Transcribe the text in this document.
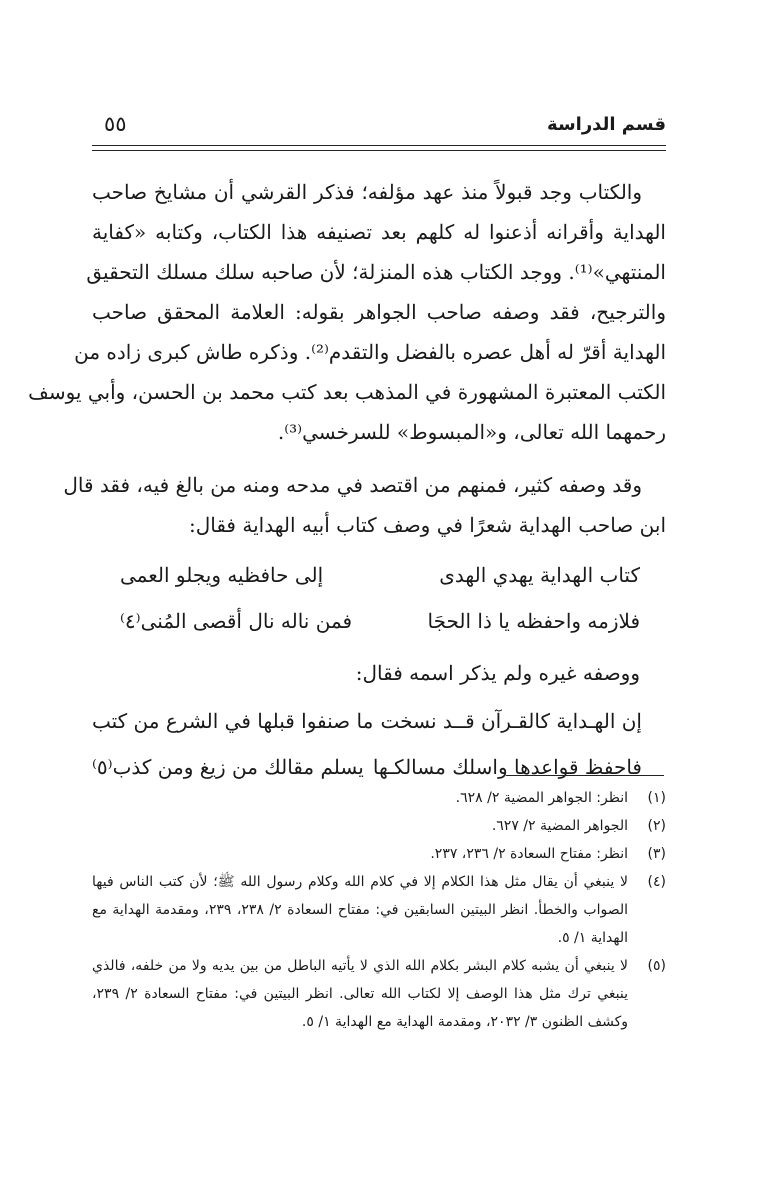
قسم الدراسة
٥٥

والكتاب وجد قبولاً منذ عهد مؤلفه؛ فذكر القرشي أن مشايخ صاحب
الهداية وأقرانه أذعنوا له كلهم بعد تصنيفه هذا الكتاب، وكتابه «كفاية
المنتهي»⁽¹⁾. ووجد الكتاب هذه المنزلة؛ لأن صاحبه سلك مسلك التحقيق
والترجيح، فقد وصفه صاحب الجواهر بقوله: العلامة المحقق صاحب
الهداية أقرّ له أهل عصره بالفضل والتقدم⁽²⁾. وذكره طاش كبرى زاده من
الكتب المعتبرة المشهورة في المذهب بعد كتب محمد بن الحسن، وأبي يوسف
رحمهما الله تعالى، و«المبسوط» للسرخسي⁽³⁾.

وقد وصفه كثير، فمنهم من اقتصد في مدحه ومنه من بالغ فيه، فقد قال
ابن صاحب الهداية شعرًا في وصف كتاب أبيه الهداية فقال:

كتاب الهداية يهدي الهدى
إلى حافظيه ويجلو العمى
فلازمه واحفظه يا ذا الحجَا
فمن ناله نال أقصى المُنى⁽٤⁾
ووصفه غيره ولم يذكر اسمه فقال:
إن الهـداية كالقـرآن قــد نسخت
ما صنفوا قبلها في الشرع من كتب
فاحفظ قواعدها واسلك مسالكـها
يسلم مقالك من زيغ ومن كذب⁽٥⁾
(١)
انظر: الجواهر المضية ٢/ ٦٢٨.
(٢)
الجواهر المضية ٢/ ٦٢٧.
(٣)
انظر: مفتاح السعادة ٢/ ٢٣٦، ٢٣٧.
(٤)
لا ينبغي أن يقال مثل هذا الكلام إلا في كلام الله وكلام رسول الله ﷺ؛ لأن كتب الناس فيها الصواب والخطأ. انظر البيتين السابقين في: مفتاح السعادة ٢/ ٢٣٨، ٢٣٩، ومقدمة الهداية مع الهداية ١/ ٥.
(٥)
لا ينبغي أن يشبه كلام البشر بكلام الله الذي لا يأتيه الباطل من بين يديه ولا من خلفه، فالذي ينبغي ترك مثل هذا الوصف إلا لكتاب الله تعالى. انظر البيتين في: مفتاح السعادة ٢/ ٢٣٩، وكشف الظنون ٣/ ٢٠٣٢، ومقدمة الهداية مع الهداية ١/ ٥.
